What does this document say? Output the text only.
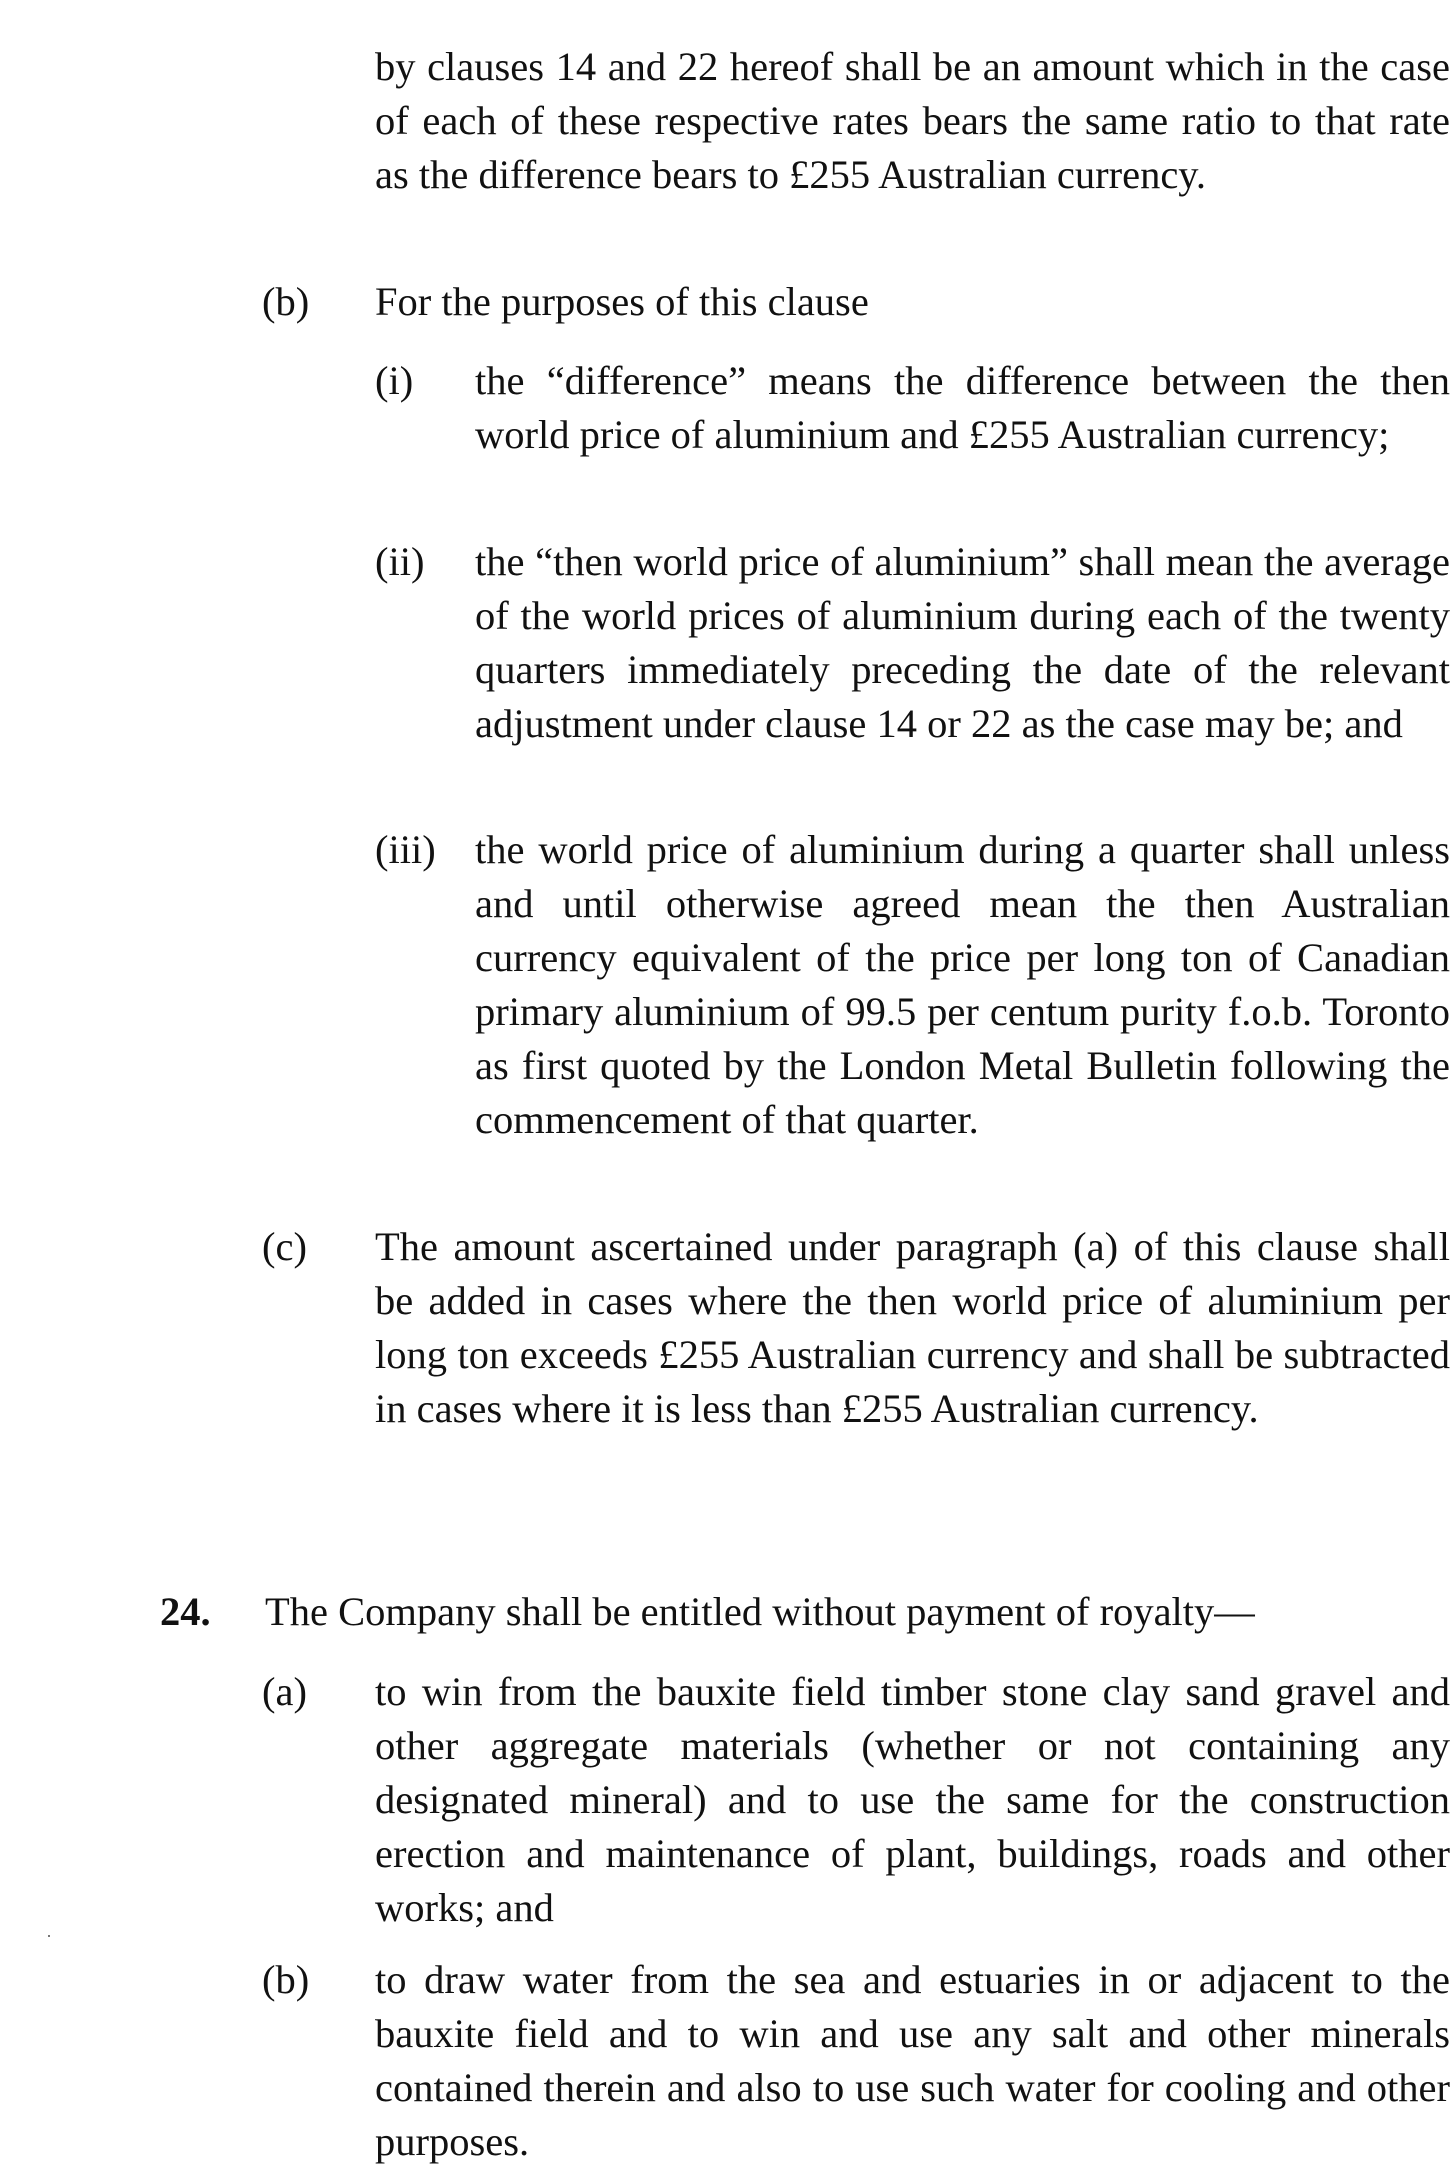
by clauses 14 and 22 hereof shall be an amount which in the case of each of these respective rates bears the same ratio to that rate as the difference bears to £255 Australian currency.
(b) For the purposes of this clause
(i) the “difference” means the difference between the then world price of aluminium and £255 Australian currency;
(ii) the “then world price of aluminium” shall mean the average of the world prices of aluminium during each of the twenty quarters immediately preceding the date of the relevant adjustment under clause 14 or 22 as the case may be; and
(iii) the world price of aluminium during a quarter shall unless and until otherwise agreed mean the then Australian currency equivalent of the price per long ton of Canadian primary aluminium of 99.5 per centum purity f.o.b. Toronto as first quoted by the London Metal Bulletin following the commencement of that quarter.
(c) The amount ascertained under paragraph (a) of this clause shall be added in cases where the then world price of aluminium per long ton exceeds £255 Australian currency and shall be subtracted in cases where it is less than £255 Australian currency.
24. The Company shall be entitled without payment of royalty—
(a) to win from the bauxite field timber stone clay sand gravel and other aggregate materials (whether or not containing any designated mineral) and to use the same for the construction erection and maintenance of plant, buildings, roads and other works; and
(b) to draw water from the sea and estuaries in or adjacent to the bauxite field and to win and use any salt and other minerals contained therein and also to use such water for cooling and other purposes.
